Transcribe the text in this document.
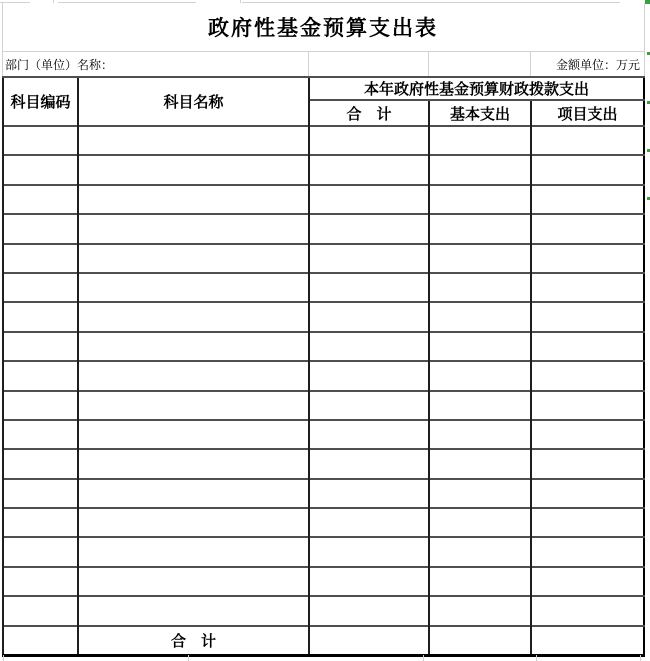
政府性基金预算支出表
部门（单位）名称：	金额单位：万元
科目编码	科目名称	本年政府性基金预算财政拨款支出		
		合　计	基本支出	项目支出

	合　计			
